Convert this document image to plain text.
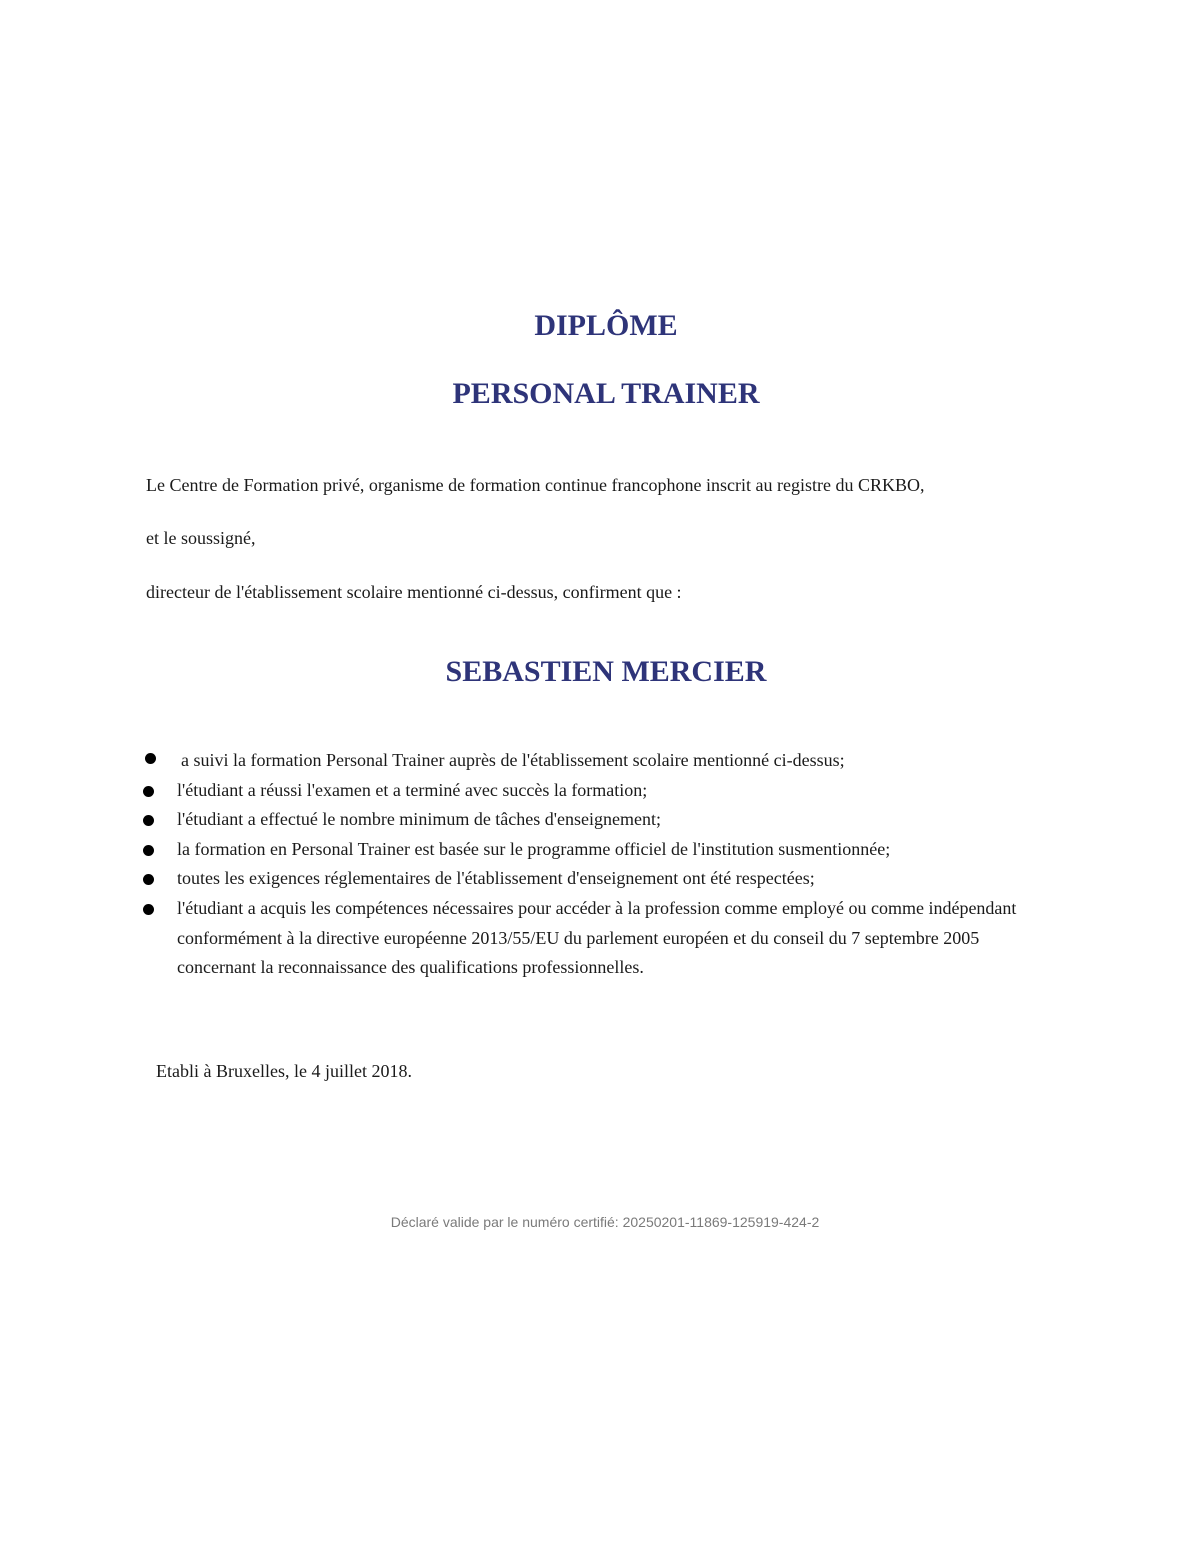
DIPLÔME
PERSONAL TRAINER

Le Centre de Formation privé, organisme de formation continue francophone inscrit au registre du CRKBO,

et le soussigné,

directeur de l'établissement scolaire mentionné ci-dessus, confirment que :

SEBASTIEN MERCIER
a suivi la formation Personal Trainer auprès de l'établissement scolaire mentionné ci-dessus;
l'étudiant a réussi l'examen et a terminé avec succès la formation;
l'étudiant a effectué le nombre minimum de tâches d'enseignement;
la formation en Personal Trainer est basée sur le programme officiel de l'institution susmentionnée;
toutes les exigences réglementaires de l'établissement d'enseignement ont été respectées;
l'étudiant a acquis les compétences nécessaires pour accéder à la profession comme employé ou comme indépendant conformément à la directive européenne 2013/55/EU du parlement européen et du conseil du 7 septembre 2005 concernant la reconnaissance des qualifications professionnelles.

Etabli à Bruxelles, le 4 juillet 2018.

Déclaré valide par le numéro certifié: 20250201-11869-125919-424-2
